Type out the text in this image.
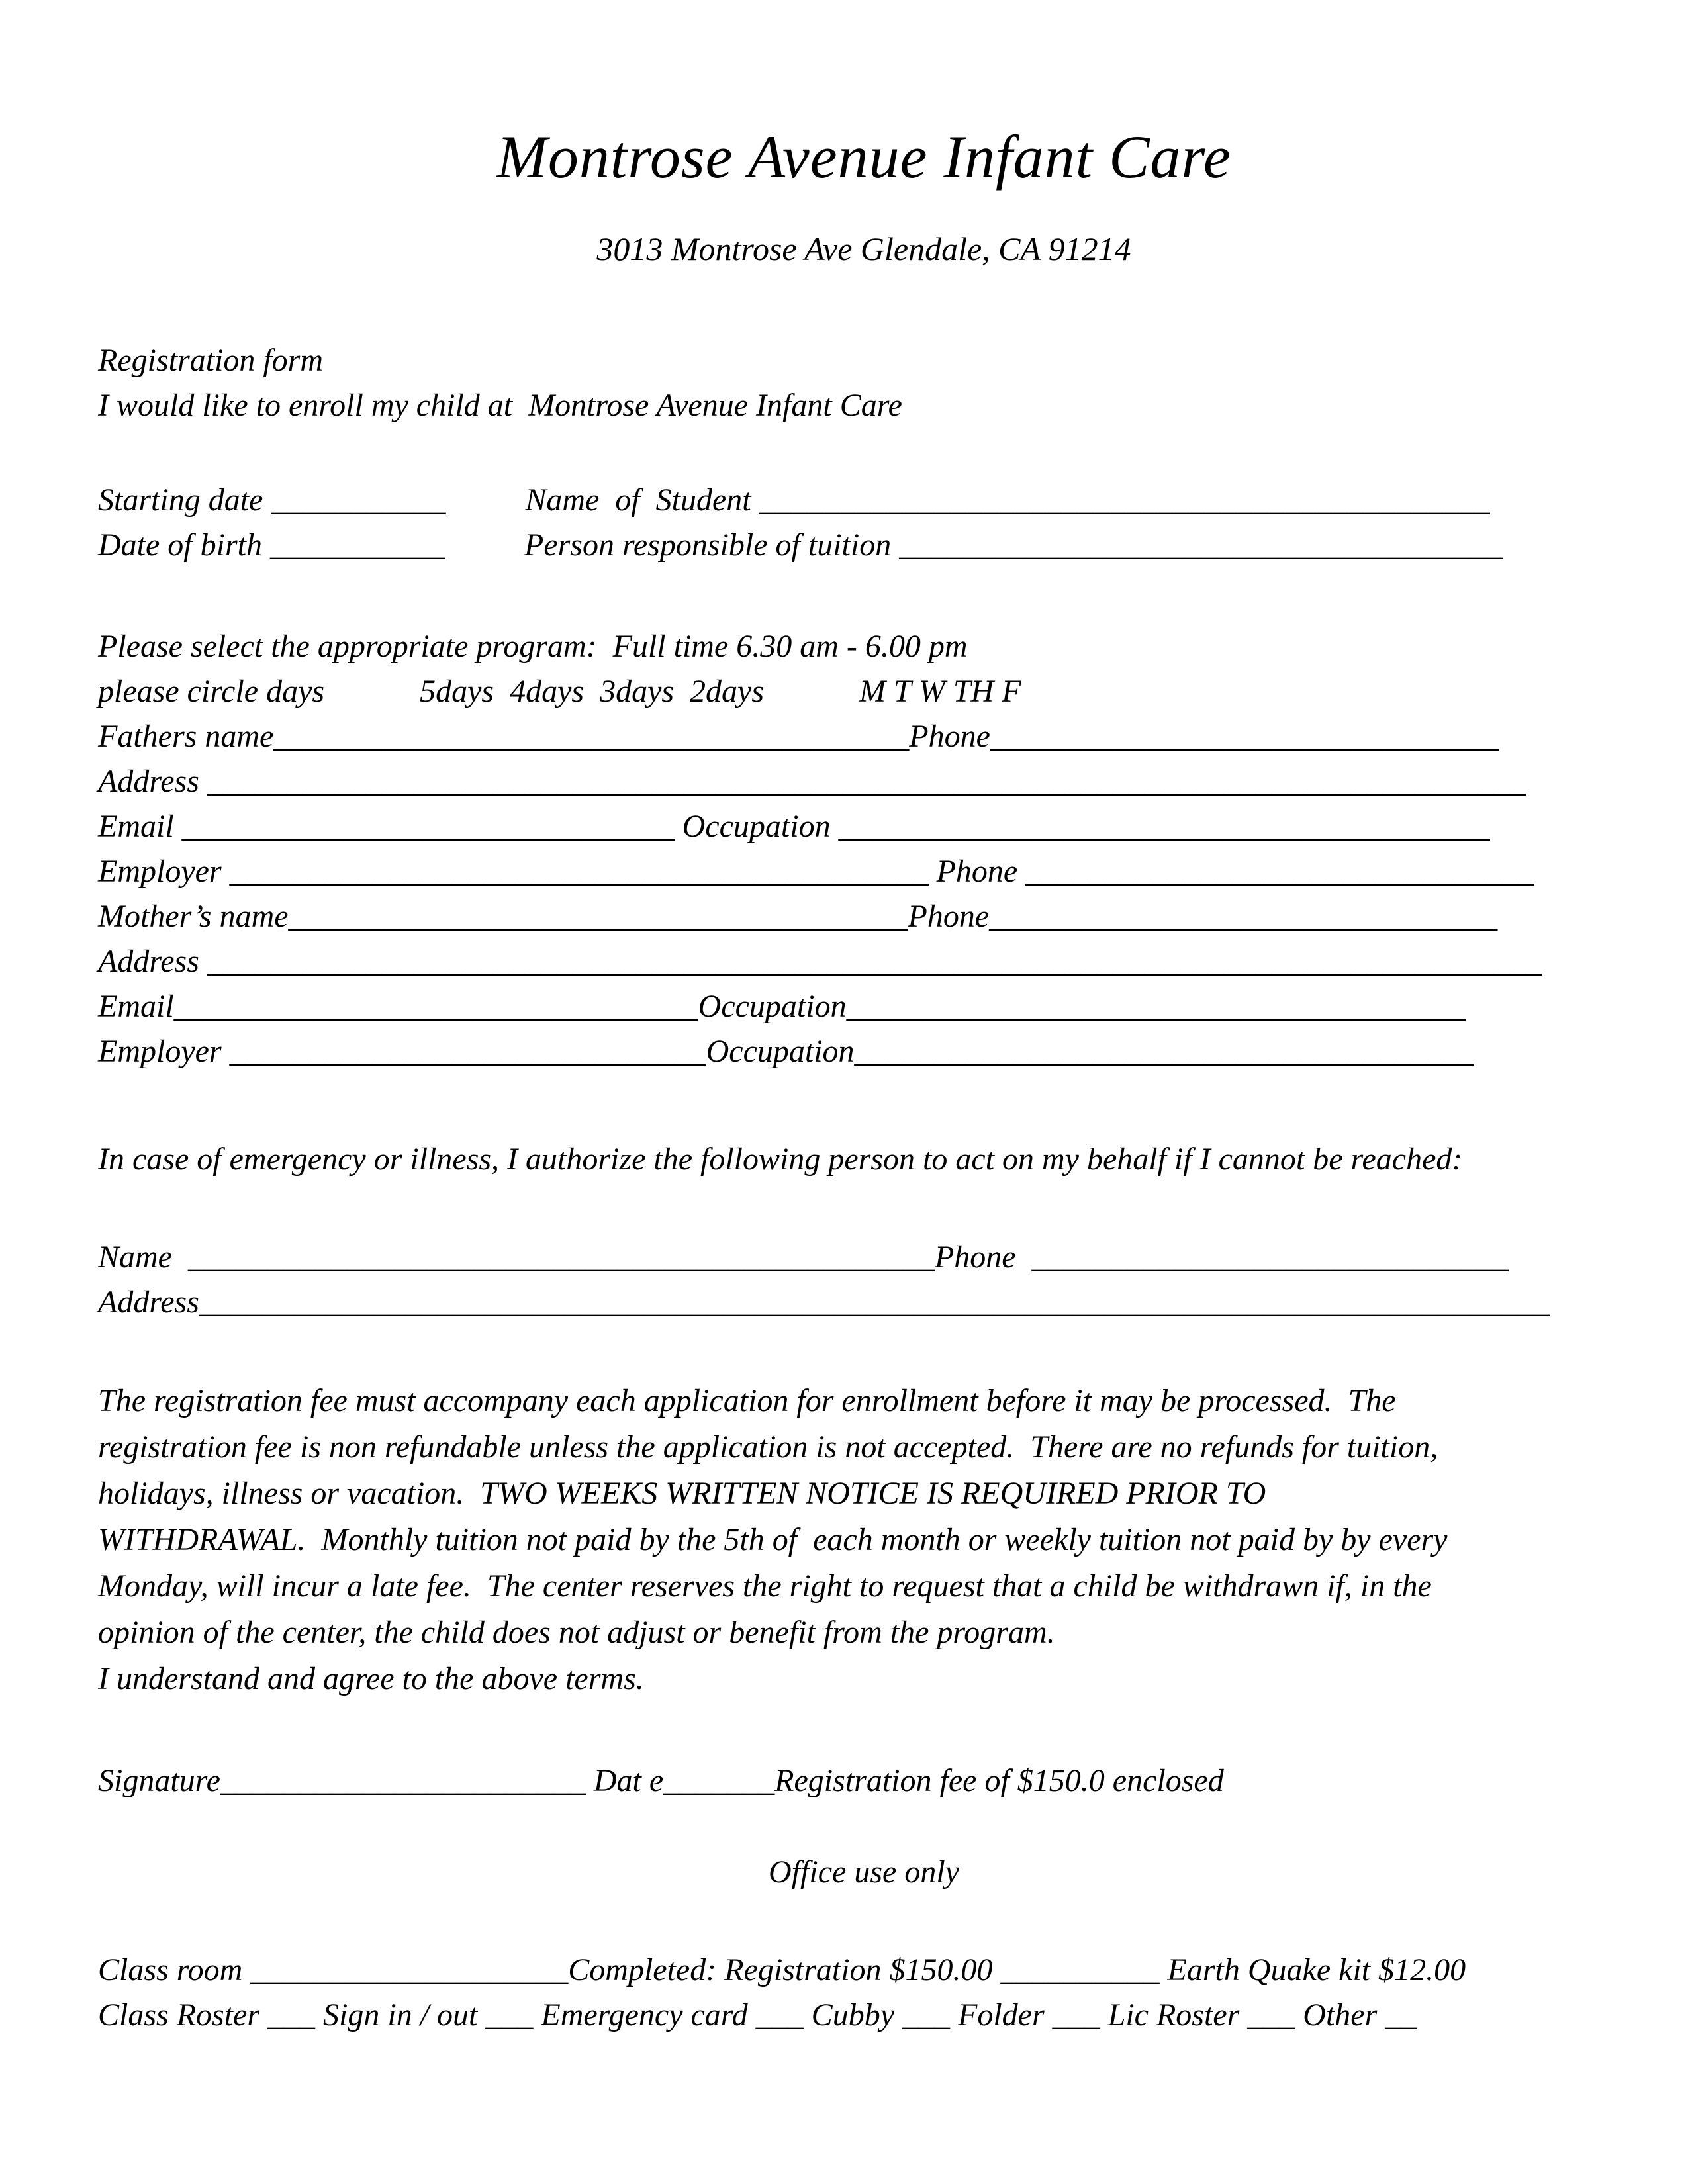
Montrose Avenue Infant Care
3013 Montrose Ave Glendale, CA 91214
Registration form
I would like to enroll my child at  Montrose Avenue Infant Care
Starting date ___________          Name  of  Student ______________________________________________
Date of birth ___________          Person responsible of tuition ______________________________________
Please select the appropriate program:  Full time 6.30 am - 6.00 pm
please circle days            5days  4days  3days  2days            M T W TH F
Fathers name________________________________________Phone________________________________
Address ___________________________________________________________________________________
Email _______________________________ Occupation _________________________________________
Employer ____________________________________________ Phone ________________________________
Mother’s name_______________________________________Phone________________________________
Address ____________________________________________________________________________________
Email_________________________________Occupation_______________________________________
Employer ______________________________Occupation_______________________________________
In case of emergency or illness, I authorize the following person to act on my behalf if I cannot be reached:
Name  _______________________________________________Phone  ______________________________
Address_____________________________________________________________________________________
The registration fee must accompany each application for enrollment before it may be processed.  The
registration fee is non refundable unless the application is not accepted.  There are no refunds for tuition,
holidays, illness or vacation.  TWO WEEKS WRITTEN NOTICE IS REQUIRED PRIOR TO
WITHDRAWAL.  Monthly tuition not paid by the 5th of  each month or weekly tuition not paid by by every
Monday, will incur a late fee.  The center reserves the right to request that a child be withdrawn if, in the
opinion of the center, the child does not adjust or benefit from the program.
I understand and agree to the above terms.
Signature_______________________ Dat e_______Registration fee of $150.0 enclosed
Office use only
Class room ____________________Completed: Registration $150.00 __________ Earth Quake kit $12.00
Class Roster ___ Sign in / out ___ Emergency card ___ Cubby ___ Folder ___ Lic Roster ___ Other __
